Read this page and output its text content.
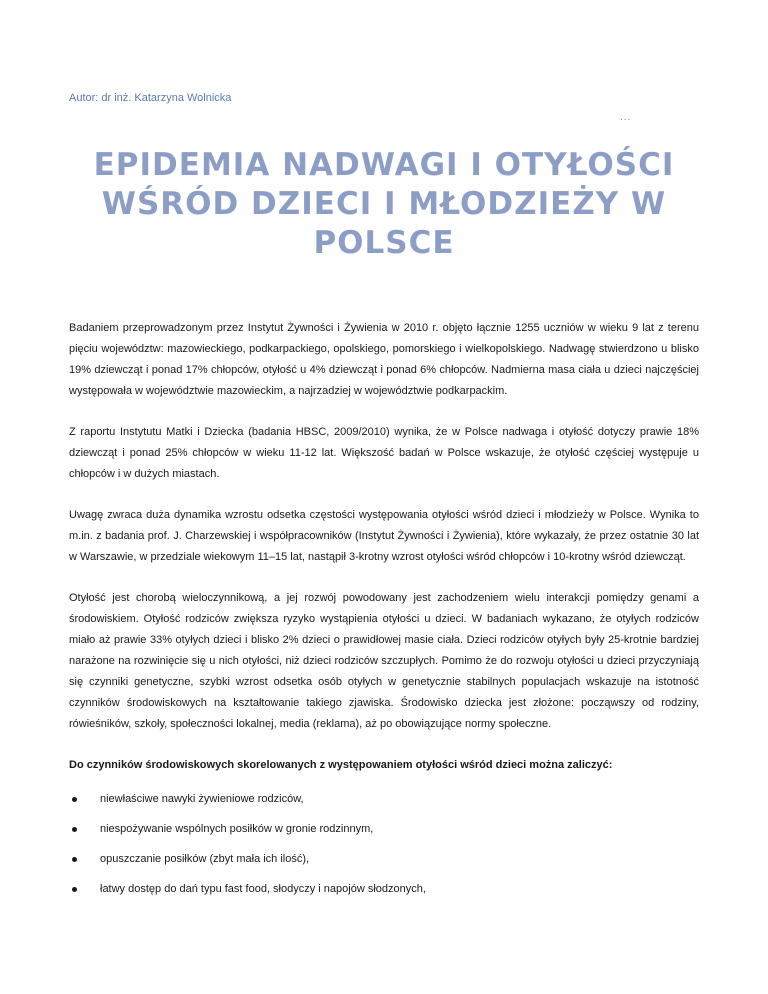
Autor: dr inż. Katarzyna Wolnicka
...
EPIDEMIA NADWAGI I OTYŁOŚCI WŚRÓD DZIECI I MŁODZIEŻY W POLSCE

Badaniem przeprowadzonym przez Instytut Żywności i Żywienia w 2010 r. objęto łącznie 1255 uczniów w wieku 9 lat z terenu pięciu województw: mazowieckiego, podkarpackiego, opolskiego, pomorskiego i wielkopolskiego. Nadwagę stwierdzono u blisko 19% dziewcząt i ponad 17% chłopców, otyłość u 4% dziewcząt i ponad 6% chłopców. Nadmierna masa ciała u dzieci najczęściej występowała w województwie mazowieckim, a najrzadziej w województwie podkarpackim.

Z raportu Instytutu Matki i Dziecka (badania HBSC, 2009/2010) wynika, że w Polsce nadwaga i otyłość dotyczy prawie 18% dziewcząt i ponad 25% chłopców w wieku 11-12 lat. Większość badań w Polsce wskazuje, że otyłość częściej występuje u chłopców i w dużych miastach.

Uwagę zwraca duża dynamika wzrostu odsetka częstości występowania otyłości wśród dzieci i młodzieży w Polsce. Wynika to m.in. z badania prof. J. Charzewskiej i współpracowników (Instytut Żywności i Żywienia), które wykazały, że przez ostatnie 30 lat w Warszawie, w przedziale wiekowym 11–15 lat, nastąpił 3-krotny wzrost otyłości wśród chłopców i 10-krotny wśród dziewcząt.

Otyłość jest chorobą wieloczynnikową, a jej rozwój powodowany jest zachodzeniem wielu interakcji pomiędzy genami a środowiskiem. Otyłość rodziców zwiększa ryzyko wystąpienia otyłości u dzieci. W badaniach wykazano, że otyłych rodziców miało aż prawie 33% otyłych dzieci i blisko 2% dzieci o prawidłowej masie ciała. Dzieci rodziców otyłych były 25-krotnie bardziej narażone na rozwinięcie się u nich otyłości, niż dzieci rodziców szczupłych. Pomimo że do rozwoju otyłości u dzieci przyczyniają się czynniki genetyczne, szybki wzrost odsetka osób otyłych w genetycznie stabilnych populacjach wskazuje na istotność czynników środowiskowych na kształtowanie takiego zjawiska. Środowisko dziecka jest złożone: począwszy od rodziny, rówieśników, szkoły, społeczności lokalnej, media (reklama), aż po obowiązujące normy społeczne.

Do czynników środowiskowych skorelowanych z występowaniem otyłości wśród dzieci można zaliczyć:

niewłaściwe nawyki żywieniowe rodziców,
niespożywanie wspólnych posiłków w gronie rodzinnym,
opuszczanie posiłków (zbyt mała ich ilość),
łatwy dostęp do dań typu fast food, słodyczy i napojów słodzonych,
